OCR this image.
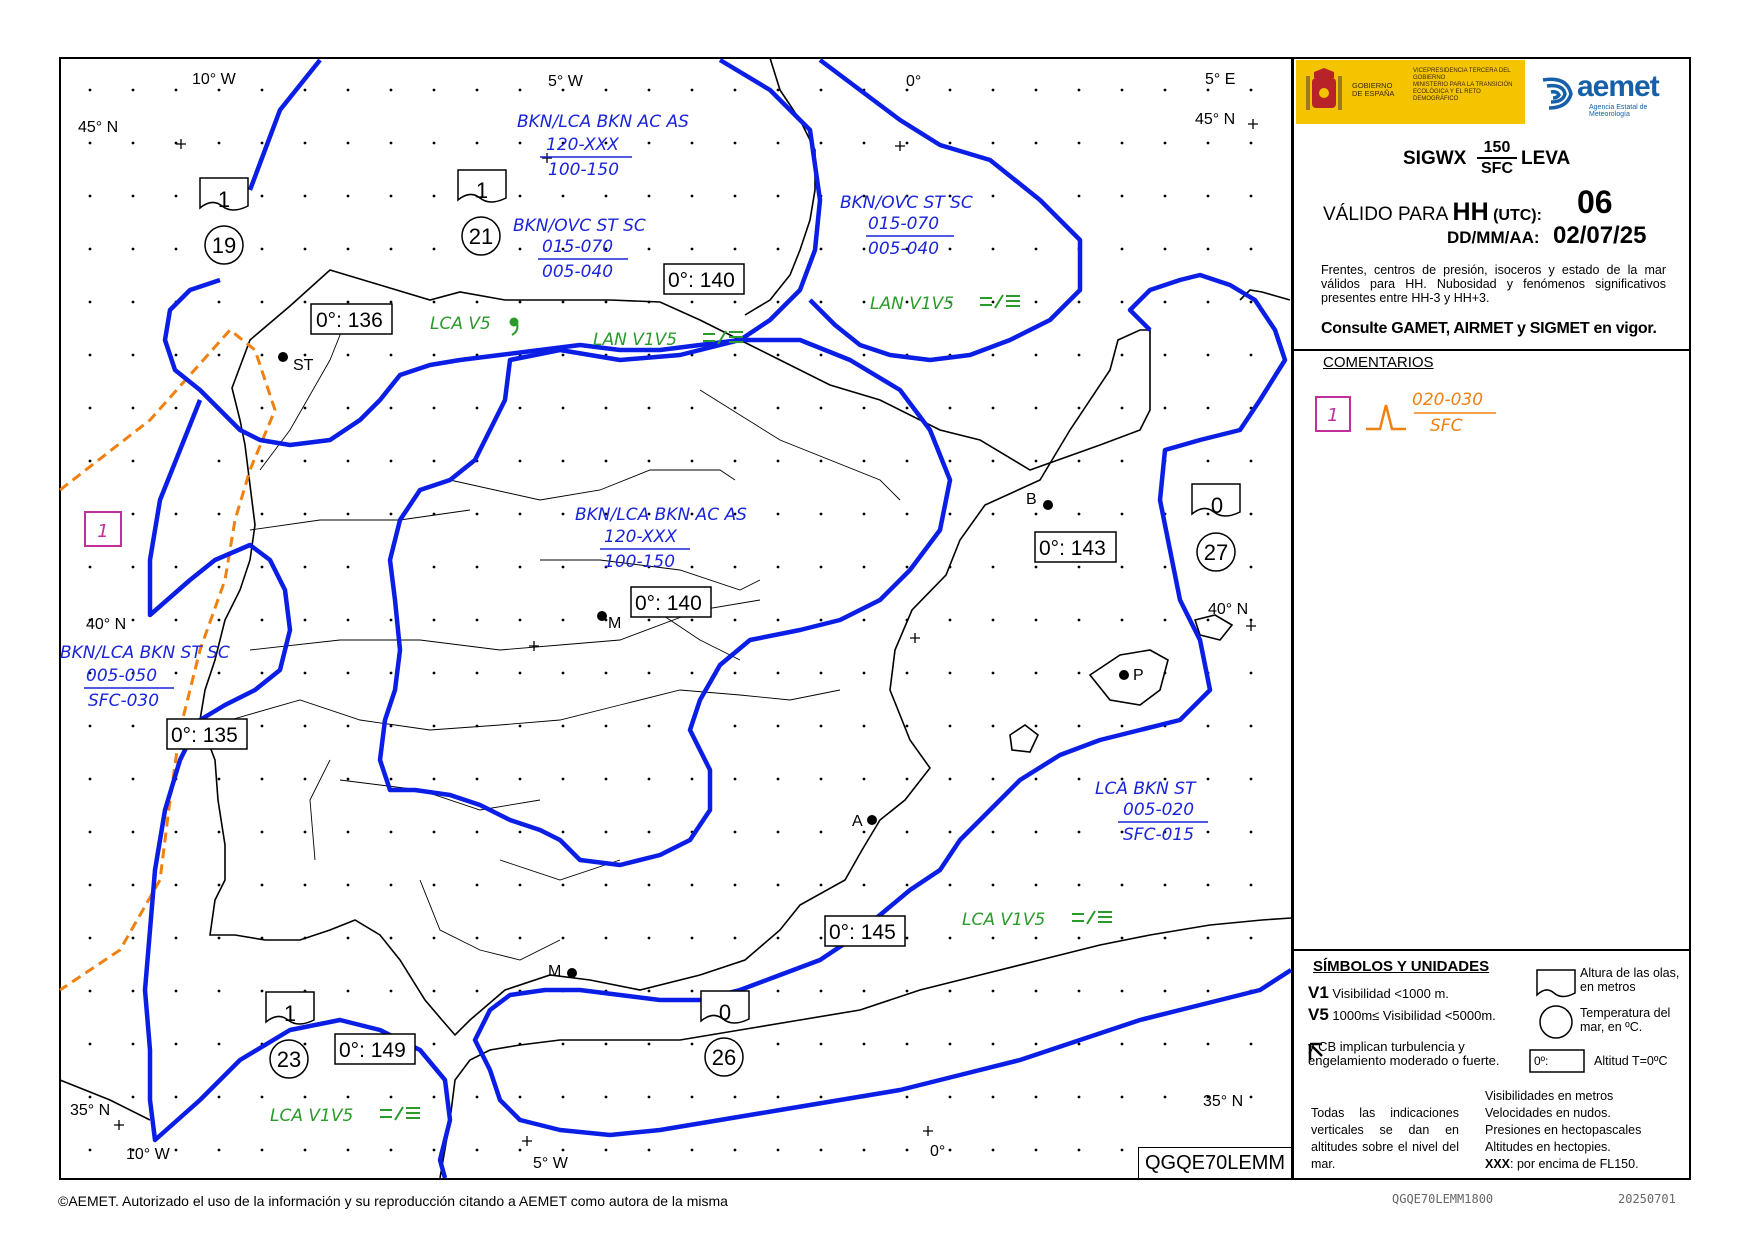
1
10° W	5° W	0°	5° E
45° N	45° N
40° N
40° N
35° N
35° N
10° W
5° W
0°
ST
M
B
P
A
M
0°: 136
0°: 140
0°: 140
0°: 143
0°: 135
0°: 145
0°: 149
BKN/LCA BKN AC AS
120-XXX
100-150
BKN/OVC ST SC
015-070
005-040
BKN/OVC ST SC
015-070
005-040
BKN/LCA BKN AC AS
120-XXX
100-150
BKN/LCA BKN ST SC
005-050
SFC-030
LCA BKN ST
005-020
SFC-015
LCA V5
LAN V1V5
LAN V1V5
LCA V1V5
LCA V1V5
1
19
1
21
0
27
1
23
0
26
1
020-030
SFC
GOBIERNO
DE ESPAÑA
VICEPRESIDENCIA TERCERA DEL GOBIERNO
MINISTERIO PARA LA TRANSICIÓN ECOLÓGICA Y EL RETO DEMOGRÁFICO	aemet
Agencia Estatal de Meteorología
SIGWX
150
SFC LEVA
VÁLIDO PARA HH (UTC): 06
DD/MM/AA: 02/07/25
Frentes, centros de presión, isoceros y estado de la mar válidos para HH. Nubosidad y fenómenos significativos presentes entre HH-3 y HH+3.
Consulte GAMET, AIRMET y SIGMET en vigor.
COMENTARIOS
SÍMBOLOS Y UNIDADES
V1 Visibilidad <1000 m.
V5 1000m≤ Visibilidad <5000m.
y CB implican turbulencia y engelamiento moderado o fuerte.
Altura de las olas, en metros
Temperatura del mar, en ºC.
0º:	Altitud T=0ºC
Todas las indicaciones verticales se dan en altitudes sobre el nivel del mar.
Visibilidades en metros
Velocidades en nudos.
Presiones en hectopascales
Altitudes en hectopies.
XXX: por encima de FL150.
QGQE70LEMM
©AEMET. Autorizado el uso de la información y su reproducción citando a AEMET como autora de la misma	QGQE70LEMM1800	20250701
